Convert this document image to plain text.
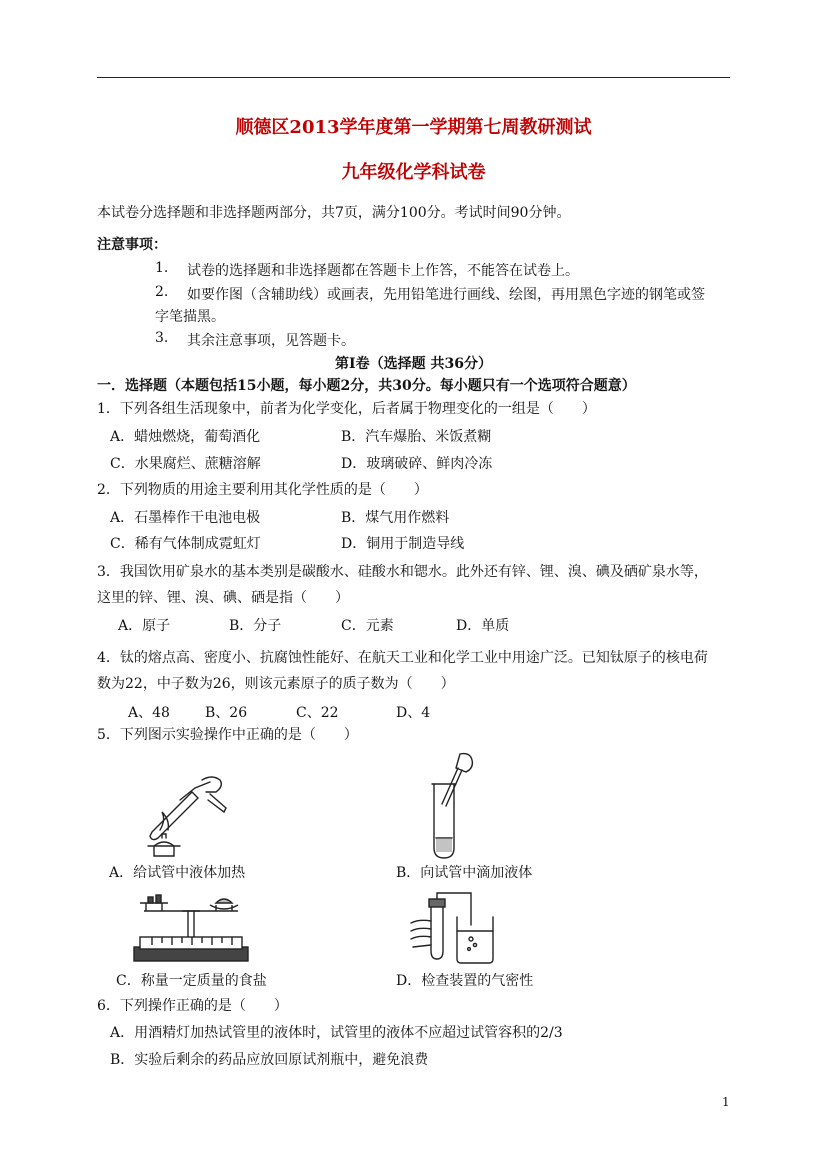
顺德区2013学年度第一学期第七周教研测试
九年级化学科试卷
本试卷分选择题和非选择题两部分，共7页，满分100分。考试时间90分钟。
注意事项：
1. 试卷的选择题和非选择题都在答题卡上作答，不能答在试卷上。
2. 如要作图（含辅助线）或画表，先用铅笔进行画线、绘图，再用黑色字迹的钢笔或签
字笔描黑。
3. 其余注意事项，见答题卡。
第Ⅰ卷（选择题 共36分）
一．选择题（本题包括15小题，每小题2分，共30分。每小题只有一个选项符合题意）
1．下列各组生活现象中，前者为化学变化，后者属于物理变化的一组是（　　）
A．蜡烛燃烧，葡萄酒化	B．汽车爆胎、米饭煮糊
C．水果腐烂、蔗糖溶解	D．玻璃破碎、鲜肉冷冻
2．下列物质的用途主要利用其化学性质的是（　　）
A．石墨棒作干电池电极	B．煤气用作燃料
C．稀有气体制成霓虹灯	D．铜用于制造导线
3．我国饮用矿泉水的基本类别是碳酸水、硅酸水和锶水。此外还有锌、锂、溴、碘及硒矿泉水等，
这里的锌、锂、溴、碘、硒是指（　　）
A．原子	B．分子	C．元素	D．单质
4．钛的熔点高、密度小、抗腐蚀性能好、在航天工业和化学工业中用途广泛。已知钛原子的核电荷
数为22，中子数为26，则该元素原子的质子数为（　　）
A、48	B、26	C、22	D、4
5．下列图示实验操作中正确的是（　　）
A．给试管中液体加热	B．向试管中滴加液体
C．称量一定质量的食盐	D．检查装置的气密性
6．下列操作正确的是（　　）
A．用酒精灯加热试管里的液体时，试管里的液体不应超过试管容积的2/3
B．实验后剩余的药品应放回原试剂瓶中，避免浪费
1
